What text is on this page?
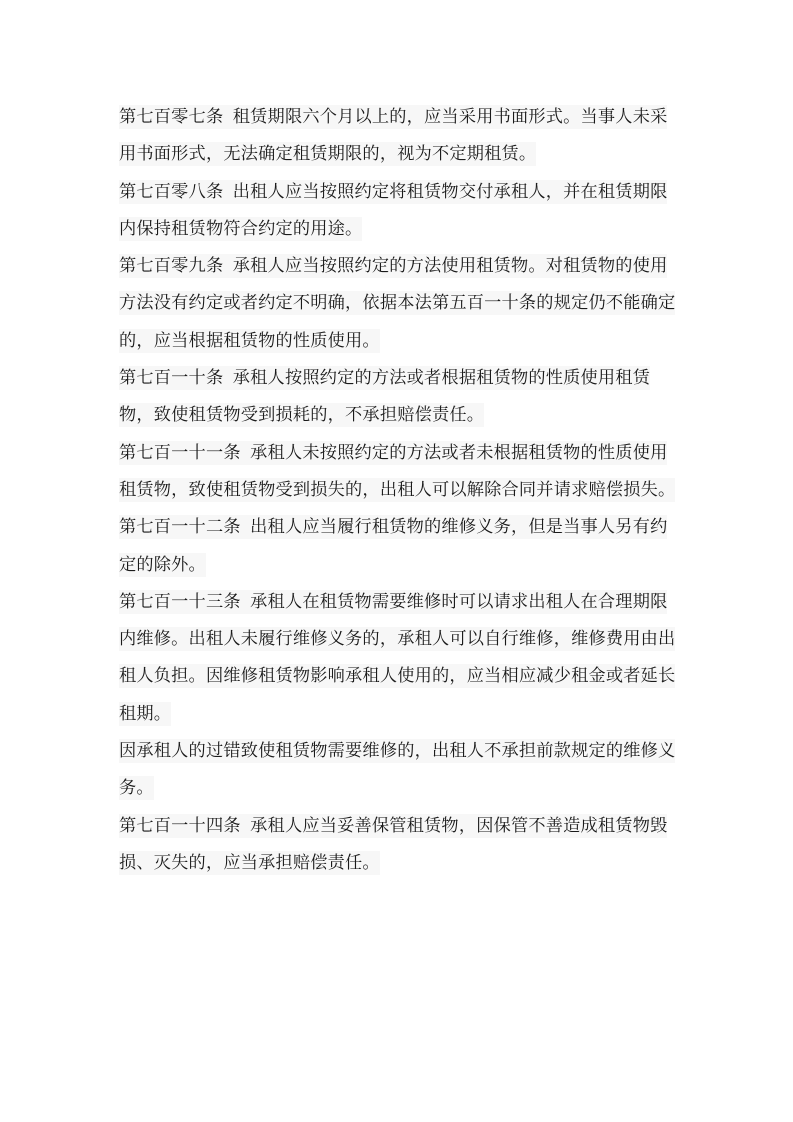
第七百零七条 租赁期限六个月以上的，应当采用书面形式。当事人未采用书面形式，无法确定租赁期限的，视为不定期租赁。

第七百零八条 出租人应当按照约定将租赁物交付承租人，并在租赁期限内保持租赁物符合约定的用途。

第七百零九条 承租人应当按照约定的方法使用租赁物。对租赁物的使用方法没有约定或者约定不明确，依据本法第五百一十条的规定仍不能确定的，应当根据租赁物的性质使用。

第七百一十条 承租人按照约定的方法或者根据租赁物的性质使用租赁物，致使租赁物受到损耗的，不承担赔偿责任。

第七百一十一条 承租人未按照约定的方法或者未根据租赁物的性质使用租赁物，致使租赁物受到损失的，出租人可以解除合同并请求赔偿损失。

第七百一十二条 出租人应当履行租赁物的维修义务，但是当事人另有约定的除外。

第七百一十三条 承租人在租赁物需要维修时可以请求出租人在合理期限内维修。出租人未履行维修义务的，承租人可以自行维修，维修费用由出租人负担。因维修租赁物影响承租人使用的，应当相应减少租金或者延长租期。

因承租人的过错致使租赁物需要维修的，出租人不承担前款规定的维修义务。

第七百一十四条 承租人应当妥善保管租赁物，因保管不善造成租赁物毁损、灭失的，应当承担赔偿责任。
